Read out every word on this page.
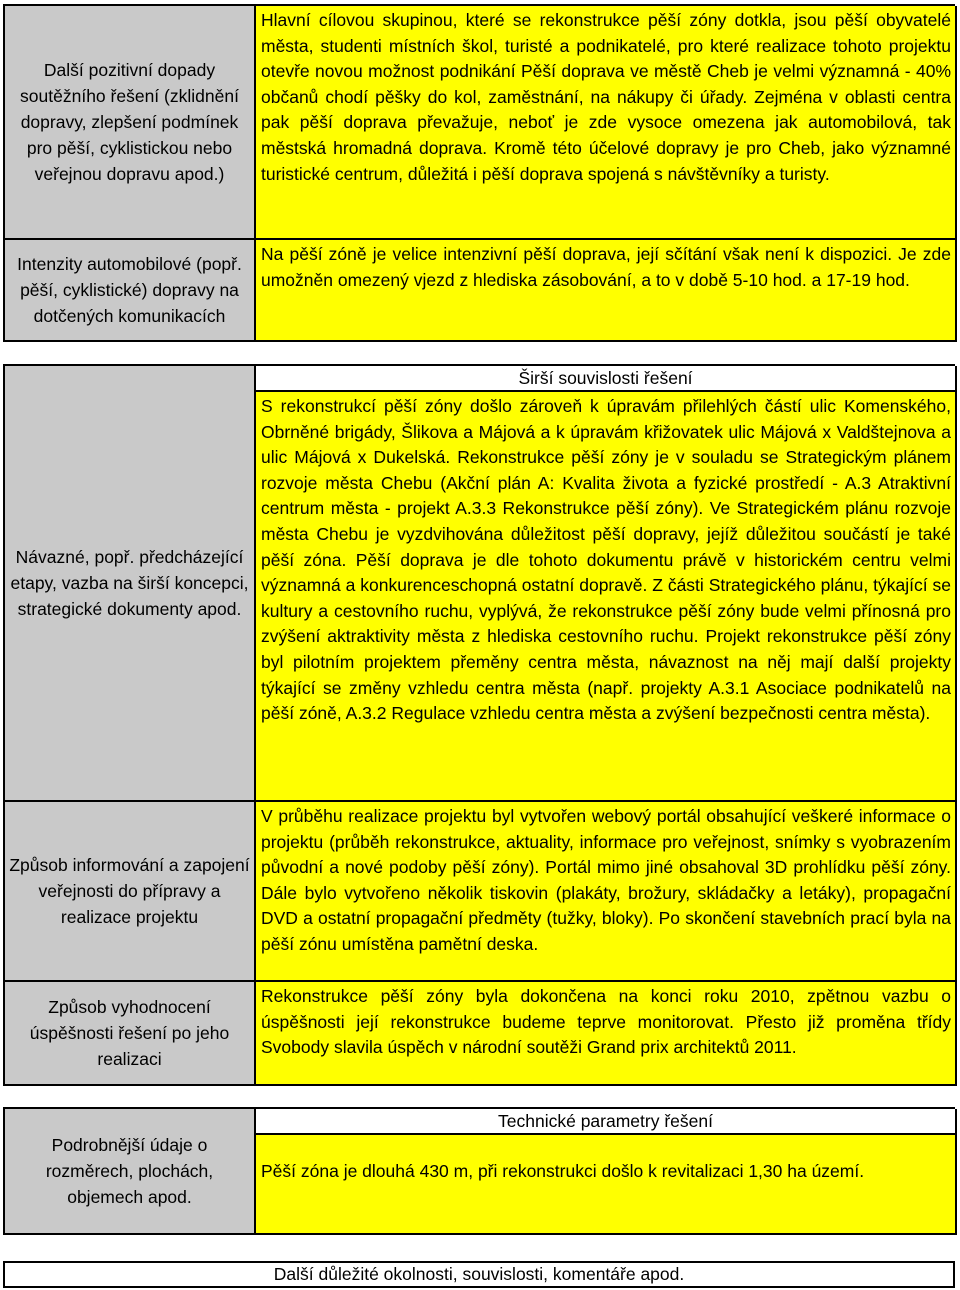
Další pozitivní dopady soutěžního řešení (zklidnění dopravy, zlepšení podmínek pro pěší, cyklistickou nebo veřejnou dopravu apod.)

Hlavní cílovou skupinou, které se rekonstrukce pěší zóny dotkla, jsou pěší obyvatelé města, studenti místních škol, turisté a podnikatelé, pro které realizace tohoto projektu otevře novou možnost podnikání Pěší doprava ve městě Cheb je velmi významná - 40% občanů chodí pěšky do kol, zaměstnání, na nákupy či úřady. Zejména v oblasti centra pak pěší doprava převažuje, neboť je zde vysoce omezena jak automobilová, tak městská hromadná doprava. Kromě této účelové dopravy je pro Cheb, jako významné turistické centrum, důležitá i pěší doprava spojená s návštěvníky a turisty.

Intenzity automobilové (popř. pěší, cyklistické) dopravy na dotčených komunikacích

Na pěší zóně je velice intenzivní pěší doprava, její sčítání však není k dispozici. Je zde umožněn omezený vjezd z hlediska zásobování, a to v době 5-10 hod. a 17-19 hod.

Návazné, popř. předcházející etapy, vazba na širší koncepci, strategické dokumenty apod.
Širší souvislosti řešení

S rekonstrukcí pěší zóny došlo zároveň k úpravám přilehlých částí ulic Komenského, Obrněné brigády, Šlikova a Májová a k úpravám křižovatek ulic Májová x Valdštejnova a ulic Májová x Dukelská. Rekonstrukce pěší zóny je v souladu se Strategickým plánem rozvoje města Chebu (Akční plán A: Kvalita života a fyzické prostředí - A.3 Atraktivní centrum města - projekt A.3.3 Rekonstrukce pěší zóny). Ve Strategickém plánu rozvoje města Chebu je vyzdvihována důležitost pěší dopravy, jejíž důležitou součástí je také pěší zóna. Pěší doprava je dle tohoto dokumentu právě v historickém centru velmi významná a konkurenceschopná ostatní dopravě. Z části Strategického plánu, týkající se kultury a cestovního ruchu, vyplývá, že rekonstrukce pěší zóny bude velmi přínosná pro zvýšení aktraktivity města z hlediska cestovního ruchu. Projekt rekonstrukce pěší zóny byl pilotním projektem přeměny centra města, návaznost na něj mají další projekty týkající se změny vzhledu centra města (např. projekty A.3.1 Asociace podnikatelů na pěší zóně, A.3.2 Regulace vzhledu centra města a zvýšení bezpečnosti centra města).

Způsob informování a zapojení veřejnosti do přípravy a realizace projektu

V průběhu realizace projektu byl vytvořen webový portál obsahující veškeré informace o projektu (průběh rekonstrukce, aktuality, informace pro veřejnost, snímky s vyobrazením původní a nové podoby pěší zóny). Portál mimo jiné obsahoval 3D prohlídku pěší zóny. Dále bylo vytvořeno několik tiskovin (plakáty, brožury, skládačky a letáky), propagační DVD a ostatní propagační předměty (tužky, bloky). Po skončení stavebních prací byla na pěší zónu umístěna pamětní deska.

Způsob vyhodnocení úspěšnosti řešení po jeho realizaci

Rekonstrukce pěší zóny byla dokončena na konci roku 2010, zpětnou vazbu o úspěšnosti její rekonstrukce budeme teprve monitorovat. Přesto již proměna třídy Svobody slavila úspěch v národní soutěži Grand prix architektů 2011.

Podrobnější údaje o rozměrech, plochách, objemech apod.
Technické parametry řešení

Pěší zóna je dlouhá 430 m, při rekonstrukci došlo k revitalizaci 1,30 ha území.

Další důležité okolnosti, souvislosti, komentáře apod.
